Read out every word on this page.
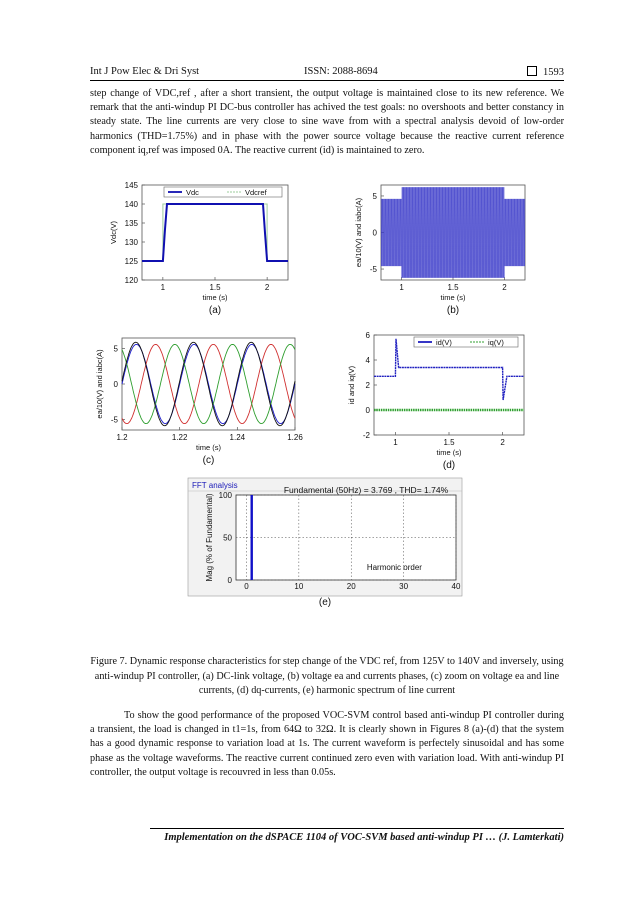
Int J Pow Elec & Dri Syst	ISSN: 2088-8694	1593
step change of VDC,ref , after a short transient, the output voltage is maintained close to its new reference. We remark that the anti-windup PI DC-bus controller has achived the test goals: no overshoots and better constancy in steady state. The line currents are very close to sine wave from with a spectral analysis devoid of low-order harmonics (THD=1.75%) and in phase with the power source voltage because the reactive current reference component iq,ref was imposed 0A. The reactive current (id) is maintained to zero.
1	1.5	2
120
125
130
135
140
145
time (s)
Vdc(V)
(a)
Vdc	Vdcref
1	1.5	2
-5
0
5
time (s)
ea/10(V) and iabc(A)
(b)
1.2	1.22	1.24	1.26
-5
0
5
time (s)
ea/10(V) and iabc(A)
(c)
1	1.5	2
-2
0
2
4
6
time (s)
id and iq(V)
(d)
id(V)	iq(V)
FFT analysis	Fundamental (50Hz) = 3.769 , THD= 1.74%
0	10	20	30	40
0
50
100
Harmonic order
Mag (% of Fundamental)
(e)
Figure 7. Dynamic response characteristics for step change of the VDC ref, from 125V to 140V and inversely, using anti-windup PI controller, (a) DC-link voltage, (b) voltage ea and currents phases, (c) zoom on voltage ea and line currents, (d) dq-currents, (e) harmonic spectrum of line current
To show the good performance of the proposed VOC-SVM control based anti-windup PI controller during a transient, the load is changed in t1=1s, from 64Ω to 32Ω. It is clearly shown in Figures 8 (a)-(d) that the system has a good dynamic response to variation load at 1s. The current waveform is perfectely sinusoidal and has some phase as the voltage waveforms. The reactive current continued zero even with variation load. With anti-windup PI controller, the output voltage is recouvred in less than 0.05s.
Implementation on the dSPACE 1104 of VOC-SVM based anti-windup PI … (J. Lamterkati)
